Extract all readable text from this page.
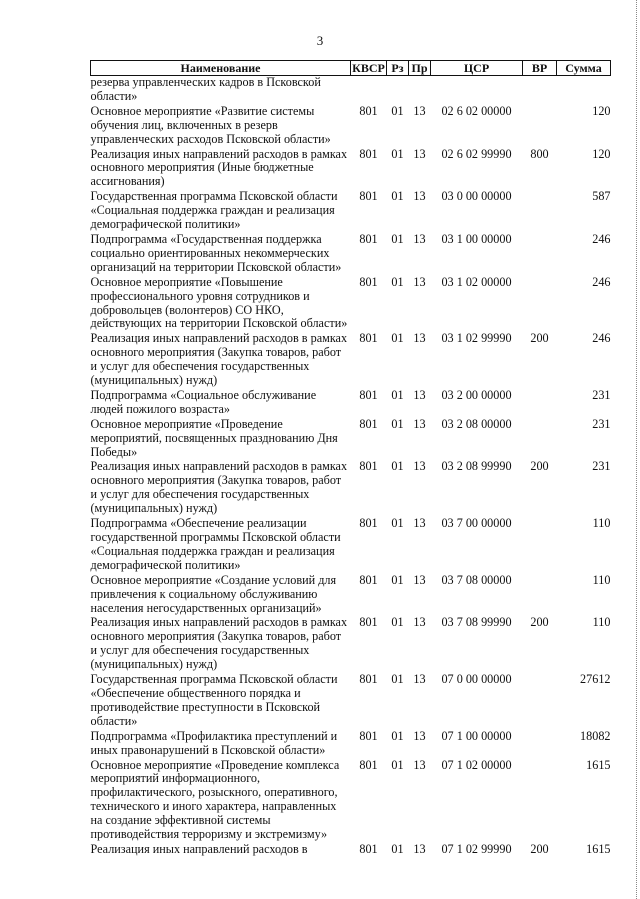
3
Наименование	КВСР	Рз	Пр	ЦСР	ВР	Сумма
резерва управленческих кадров в Псковской области»						
Основное мероприятие «Развитие системы обучения лиц, включенных в резерв управленческих расходов Псковской области»	801	01	13	02 6 02 00000		120
Реализация иных направлений расходов в рамках основного мероприятия (Иные бюджетные ассигнования)	801	01	13	02 6 02 99990	800	120
Государственная программа Псковской области «Социальная поддержка граждан и реализация демографической политики»	801	01	13	03 0 00 00000		587
Подпрограмма «Государственная поддержка социально ориентированных некоммерческих организаций на территории Псковской области»	801	01	13	03 1 00 00000		246
Основное мероприятие «Повышение профессионального уровня сотрудников и добровольцев (волонтеров) СО НКО, действующих на территории Псковской области»	801	01	13	03 1 02 00000		246
Реализация иных направлений расходов в рамках основного мероприятия (Закупка товаров, работ и услуг для обеспечения государственных (муниципальных) нужд)	801	01	13	03 1 02 99990	200	246
Подпрограмма «Социальное обслуживание людей пожилого возраста»	801	01	13	03 2 00 00000		231
Основное мероприятие «Проведение мероприятий, посвященных празднованию Дня Победы»	801	01	13	03 2 08 00000		231
Реализация иных направлений расходов в рамках основного мероприятия (Закупка товаров, работ и услуг для обеспечения государственных (муниципальных) нужд)	801	01	13	03 2 08 99990	200	231
Подпрограмма «Обеспечение реализации государственной программы Псковской области «Социальная поддержка граждан и реализация демографической политики»	801	01	13	03 7 00 00000		110
Основное мероприятие «Создание условий для привлечения к социальному обслуживанию населения негосударственных организаций»	801	01	13	03 7 08 00000		110
Реализация иных направлений расходов в рамках основного мероприятия (Закупка товаров, работ и услуг для обеспечения государственных (муниципальных) нужд)	801	01	13	03 7 08 99990	200	110
Государственная программа Псковской области «Обеспечение общественного порядка и противодействие преступности в Псковской области»	801	01	13	07 0 00 00000		27612
Подпрограмма «Профилактика преступлений и иных правонарушений в Псковской области»	801	01	13	07 1 00 00000		18082
Основное мероприятие «Проведение комплекса мероприятий информационного, профилактического, розыскного, оперативного, технического и иного характера, направленных на создание эффективной системы противодействия терроризму и экстремизму»	801	01	13	07 1 02 00000		1615
Реализация иных направлений расходов в	801	01	13	07 1 02 99990	200	1615
